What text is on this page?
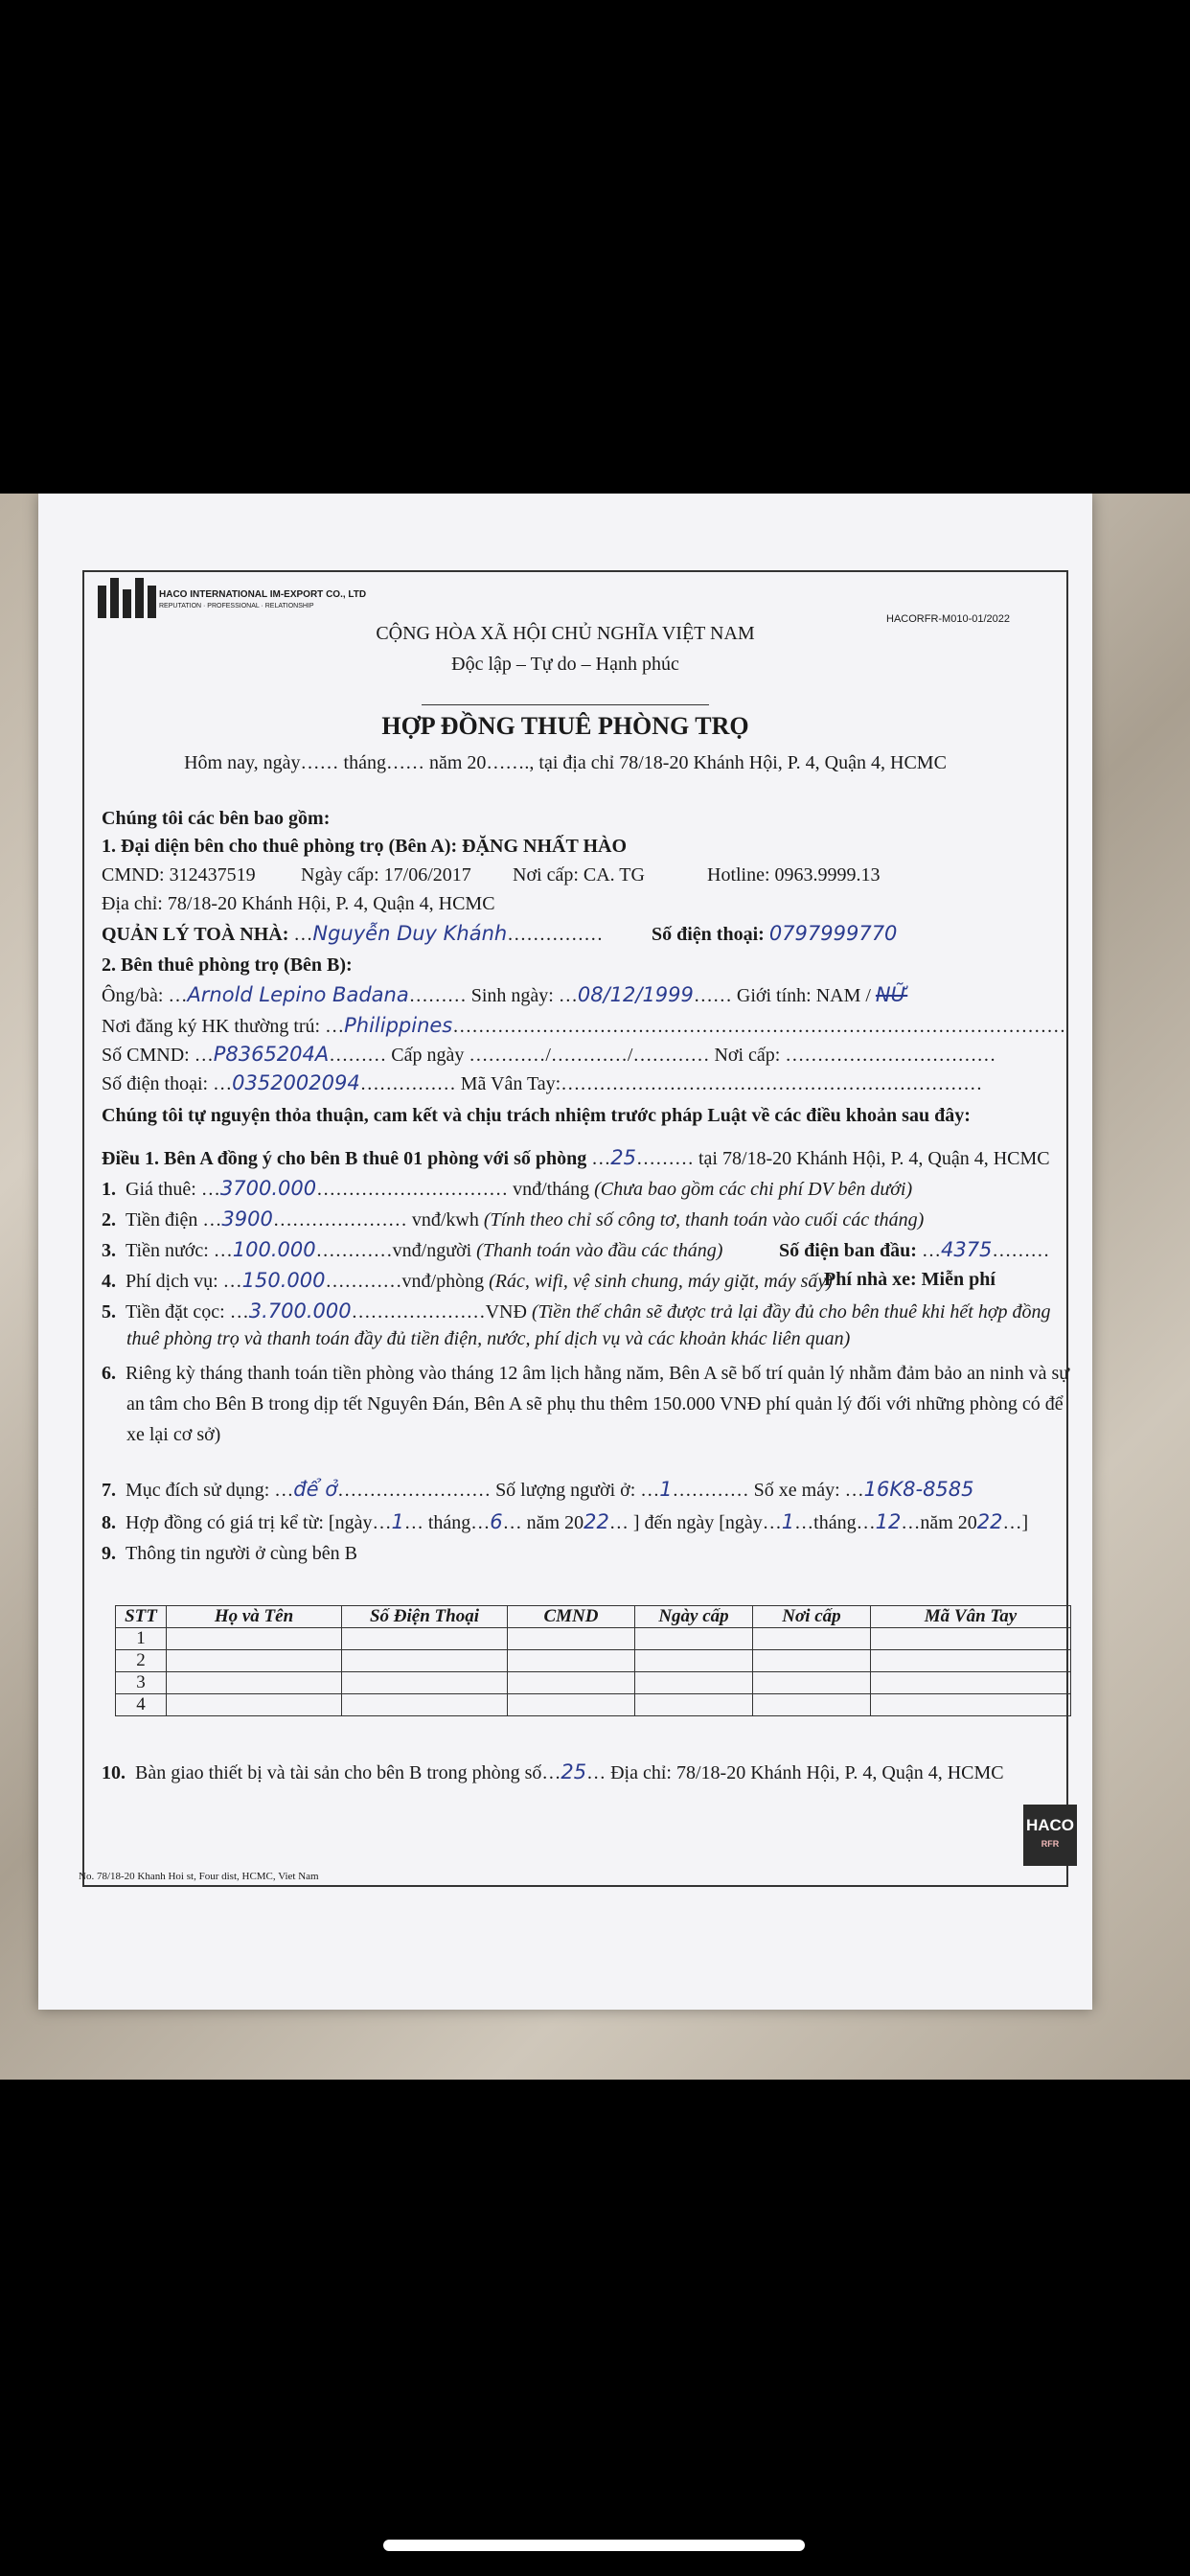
HACO INTERNATIONAL IM-EXPORT CO., LTD
REPUTATION · PROFESSIONAL · RELATIONSHIP
HACORFR-M010-01/2022
CỘNG HÒA XÃ HỘI CHỦ NGHĨA VIỆT NAM
Độc lập – Tự do – Hạnh phúc
HỢP ĐỒNG THUÊ PHÒNG TRỌ
Hôm nay, ngày…… tháng…… năm 20……., tại địa chỉ 78/18-20 Khánh Hội, P. 4, Quận 4, HCMC
Chúng tôi các bên bao gồm:
1. Đại diện bên cho thuê phòng trọ (Bên A): ĐẶNG NHẤT HÀO
CMND: 312437519 Ngày cấp: 17/06/2017 Nơi cấp: CA. TG	Hotline: 0963.9999.13
Địa chỉ: 78/18-20 Khánh Hội, P. 4, Quận 4, HCMC
QUẢN LÝ TOÀ NHÀ: …Nguyễn Duy Khánh……………	Số điện thoại: 0797999770
2. Bên thuê phòng trọ (Bên B):
Ông/bà: …Arnold Lepino Badana……… Sinh ngày: …08/12/1999…… Giới tính: NAM / NỮ
Nơi đăng ký HK thường trú: …Philippines……………………………………………………………………………………
Số CMND: …P8365204A……… Cấp ngày …………/…………/………… Nơi cấp: ……………………………
Số điện thoại: …0352002094…………… Mã Vân Tay:…………………………………………………………
Chúng tôi tự nguyện thỏa thuận, cam kết và chịu trách nhiệm trước pháp Luật về các điều khoản sau đây:
Điều 1. Bên A đồng ý cho bên B thuê 01 phòng với số phòng …25……… tại 78/18-20 Khánh Hội, P. 4, Quận 4, HCMC
1. Giá thuê: …3700.000………………………… vnđ/tháng (Chưa bao gồm các chi phí DV bên dưới)
2. Tiền điện …3900………………… vnđ/kwh (Tính theo chỉ số công tơ, thanh toán vào cuối các tháng)
3. Tiền nước: …100.000…………vnđ/người (Thanh toán vào đầu các tháng)	Số điện ban đầu: …4375………
4. Phí dịch vụ: …150.000…………vnđ/phòng (Rác, wifi, vệ sinh chung, máy giặt, máy sấy)
Phí nhà xe: Miễn phí
5. Tiền đặt cọc: …3.700.000…………………VNĐ (Tiền thế chân sẽ được trả lại đầy đủ cho bên thuê khi hết hợp đồng
thuê phòng trọ và thanh toán đầy đủ tiền điện, nước, phí dịch vụ và các khoản khác liên quan)
6. Riêng kỳ tháng thanh toán tiền phòng vào tháng 12 âm lịch hằng năm, Bên A sẽ bố trí quản lý nhằm đảm bảo an ninh và sự
an tâm cho Bên B trong dịp tết Nguyên Đán, Bên A sẽ phụ thu thêm 150.000 VNĐ phí quản lý đối với những phòng có để
xe lại cơ sở)
7. Mục đích sử dụng: …để ở…………………… Số lượng người ở: …1………… Số xe máy: …16K8-8585
8. Hợp đồng có giá trị kể từ: [ngày…1… tháng…6… năm 2022… ] đến ngày [ngày…1…tháng…12…năm 2022…]
9. Thông tin người ở cùng bên B
STT	Họ và Tên	Số Điện Thoại	CMND	Ngày cấp	Nơi cấp	Mã Vân Tay
1						
2						
3						
4						
10. Bàn giao thiết bị và tài sản cho bên B trong phòng số…25… Địa chỉ: 78/18-20 Khánh Hội, P. 4, Quận 4, HCMC
HACO
RFR
No. 78/18-20 Khanh Hoi st, Four dist, HCMC, Viet Nam
